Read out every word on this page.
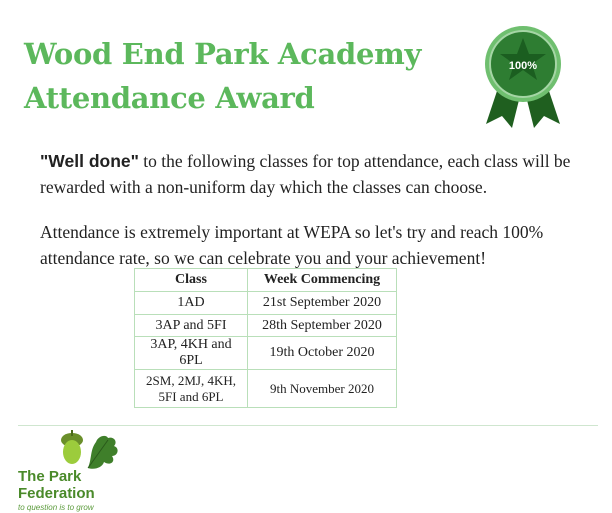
Wood End Park Academy
Attendance Award
100%
"Well done" to the following classes for top attendance, each class will be rewarded with a non-uniform day which the classes can choose.
Attendance is extremely important at WEPA so let's try and reach 100% attendance rate, so we can celebrate you and your achievement!
Class	Week Commencing
1AD	21st September 2020
3AP and 5FI	28th September 2020
3AP, 4KH and 6PL	19th October 2020
2SM, 2MJ, 4KH, 5FI and 6PL	9th November 2020
The Park
Federation
to question is to grow
